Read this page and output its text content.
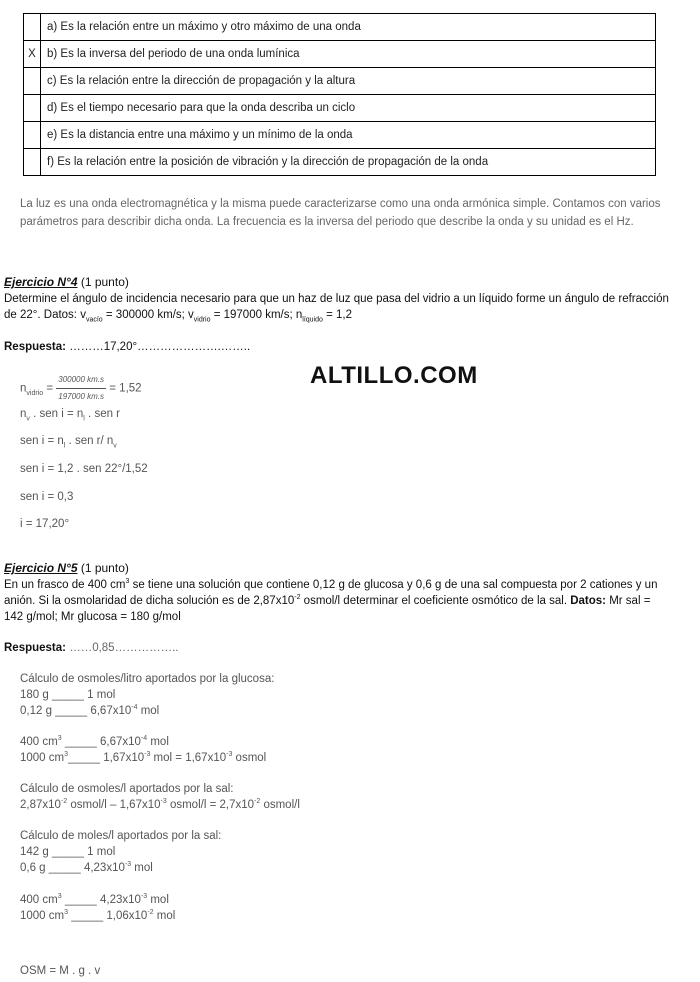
	a) Es la relación entre un máximo y otro máximo de una onda
X	b) Es la inversa del periodo de una onda lumínica
	c) Es la relación entre la dirección de propagación y la altura
	d) Es el tiempo necesario para que la onda describa un ciclo
	e) Es la distancia entre una máximo y un mínimo de la onda
	f) Es la relación entre la posición de vibración y la dirección de propagación de la onda
La luz es una onda electromagnética y la misma puede caracterizarse como una onda armónica simple. Contamos con varios
parámetros para describir dicha onda. La frecuencia es la inversa del periodo que describe la onda y su unidad es el Hz.
Ejercicio N°4 (1 punto)
Determine el ángulo de incidencia necesario para que un haz de luz que pasa del vidrio a un líquido forme un ángulo de refracción
de 22°. Datos: $v_{vacío} = 300000$ km/s; $v_{vidrio} = 197000$ km/s; $n_{líquido} = 1,2$
Respuesta: ………17,20°………………….……..
$n_{vidrio} = \frac{300000 km.s}{197000 km.s} = 1,52$
$n_v$ . sen $i = n_l$ . sen r
sen $i = n_l$ . sen r/ $n_v$
sen i = 1,2 . sen 22°/1,52
sen i = 0,3
i = 17,20°
ALTILLO.COM
Ejercicio N°5 (1 punto)
En un frasco de 400 $cm^3$ se tiene una solución que contiene 0,12 g de glucosa y 0,6 g de una sal compuesta por 2 cationes y un
anión. Si la osmolaridad de dicha solución es de $2,87x10^{-2}$ osmol/l determinar el coeficiente osmótico de la sal. Datos: Mr sal =
142 g/mol; Mr glucosa = 180 g/mol
Respuesta: ……0,85……………..
Cálculo de osmoles/litro aportados por la glucosa:
180 g _____ 1 mol
0,12 g _____ $6,67x10^{-4}$ mol
400 $cm^3$ _____ $6,67x10^{-4}$ mol
1000 $cm^3\_\_\_\_\_$ $1,67x10^{-3}$ mol = $1,67x10^{-3}$ osmol
Cálculo de osmoles/l aportados por la sal:
$2,87x10^{-2}$ osmol/l – $1,67x10^{-3}$ osmol/l = $2,7x10^{-2}$ osmol/l
Cálculo de moles/l aportados por la sal:
142 g _____ 1 mol
0,6 g _____ $4,23x10^{-3}$ mol
400 $cm^3$ _____ $4,23x10^{-3}$ mol
1000 $cm^3$ _____ $1,06x10^{-2}$ mol
OSM = M . g . v
